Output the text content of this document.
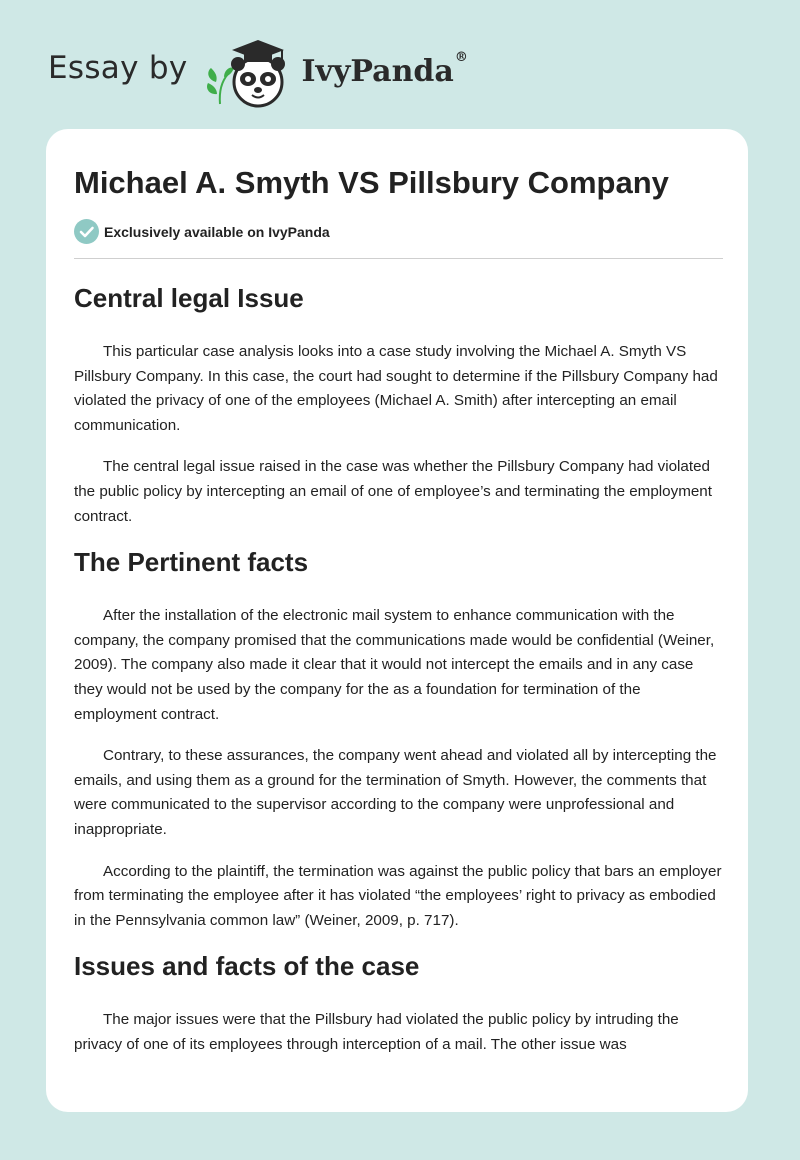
Essay by	IvyPanda®
Michael A. Smyth VS Pillsbury Company
Exclusively available on IvyPanda
Central legal Issue

This particular case analysis looks into a case study involving the Michael A. Smyth VS Pillsbury Company. In this case, the court had sought to determine if the Pillsbury Company had violated the privacy of one of the employees (Michael A. Smith) after intercepting an email communication.

The central legal issue raised in the case was whether the Pillsbury Company had violated the public policy by intercepting an email of one of employee’s and terminating the employment contract.

The Pertinent facts

After the installation of the electronic mail system to enhance communication with the company, the company promised that the communications made would be confidential (Weiner, 2009). The company also made it clear that it would not intercept the emails and in any case they would not be used by the company for the as a foundation for termination of the employment contract.

Contrary, to these assurances, the company went ahead and violated all by intercepting the emails, and using them as a ground for the termination of Smyth. However, the comments that were communicated to the supervisor according to the company were unprofessional and inappropriate.

According to the plaintiff, the termination was against the public policy that bars an employer from terminating the employee after it has violated “the employees’ right to privacy as embodied in the Pennsylvania common law” (Weiner, 2009, p. 717).

Issues and facts of the case

The major issues were that the Pillsbury had violated the public policy by intruding the privacy of one of its employees through interception of a mail. The other issue was
